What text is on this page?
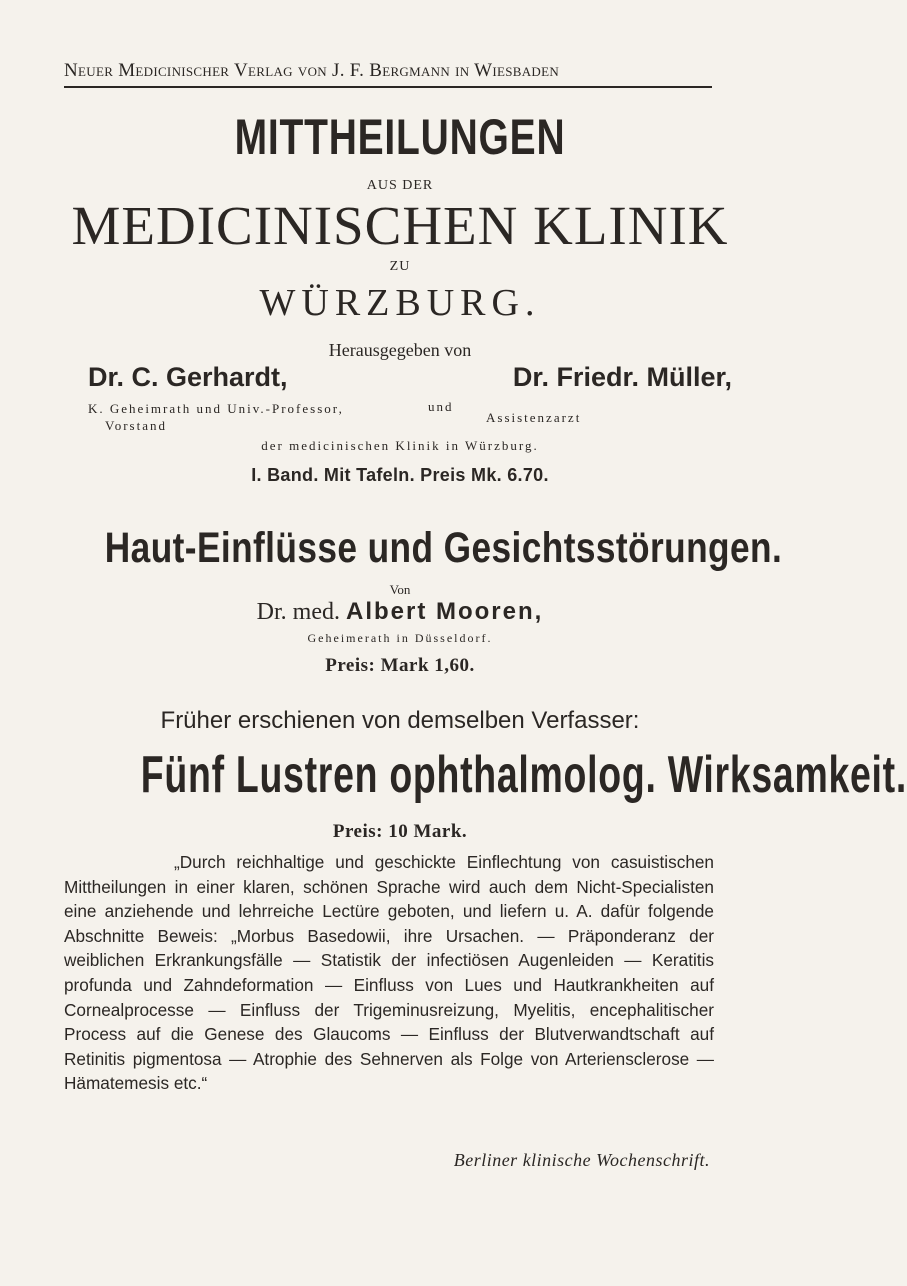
Neuer Medicinischer Verlag von J. F. Bergmann in Wiesbaden
MITTHEILUNGEN
AUS DER
MEDICINISCHEN KLINIK
ZU
WÜRZBURG.
Herausgegeben von
Dr. C. Gerhardt,	Dr. Friedr. Müller,
K. Geheimrath und Univ.-Professor,	und
Assistenzarzt
Vorstand
der medicinischen Klinik in Würzburg.
I. Band. Mit Tafeln. Preis Mk. 6.70.
Haut-Einflüsse und Gesichtsstörungen.
Von
Dr. med. Albert Mooren,
Geheimerath in Düsseldorf.
Preis: Mark 1,60.
Früher erschienen von demselben Verfasser:
Fünf Lustren ophthalmolog. Wirksamkeit.
Preis: 10 Mark.
„Durch reichhaltige und geschickte Einflechtung von casuistischen Mittheilungen in einer klaren, schönen Sprache wird auch dem Nicht-Specialisten eine anziehende und lehrreiche Lectüre geboten, und liefern u. A. dafür folgende Abschnitte Beweis: „Morbus Basedowii, ihre Ursachen. — Präponderanz der weiblichen Erkrankungsfälle — Statistik der infectiösen Augenleiden — Keratitis profunda und Zahndeformation — Einfluss von Lues und Hautkrankheiten auf Cornealprocesse — Einfluss der Trigeminusreizung, Myelitis, encephalitischer Process auf die Genese des Glaucoms — Einfluss der Blutverwandtschaft auf Retinitis pigmentosa — Atrophie des Sehnerven als Folge von Arteriensclerose — Hämatemesis etc.“
Berliner klinische Wochenschrift.
